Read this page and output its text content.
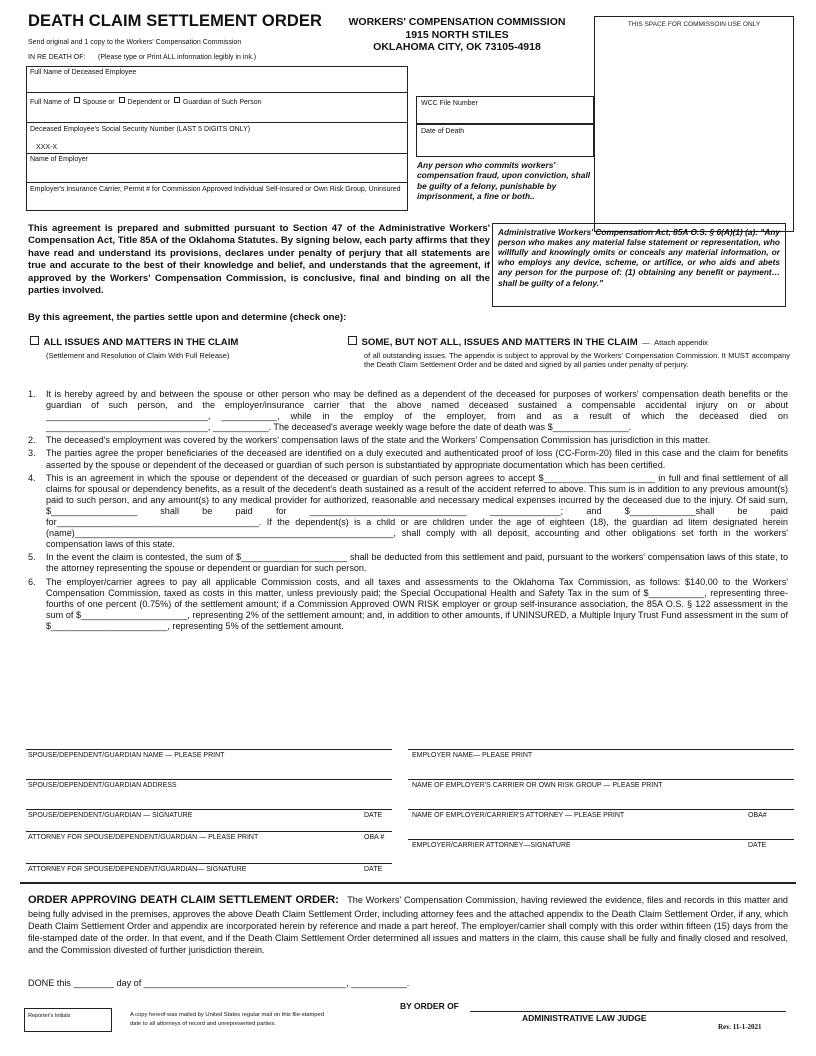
DEATH CLAIM SETTLEMENT ORDER
Send original and 1 copy to the Workers' Compensation Commission
IN RE DEATH OF: (Please type or Print ALL information legibly in ink.)
WORKERS' COMPENSATION COMMISSION
1915 NORTH STILES
OKLAHOMA CITY, OK 73105-4918
THIS SPACE FOR COMMISSOIN USE ONLY
Full Name of Deceased Employee
Full Name of Spouse or Dependent or Guardian of Such Person
Deceased Employee's Social Security Number (LAST 5 DIGITS ONLY)
XXX-X
Name of Employer
Employer's Insurance Carrier, Permit # for Commission Approved Individual Self-Insured or Own Risk Group, Uninsured
WCC File Number
Date of Death
Any person who commits workers' compensation fraud, upon conviction, shall be guilty of a felony, punishable by imprisonment, a fine or both..
This agreement is prepared and submitted pursuant to Section 47 of the Administrative Workers' Compensation Act, Title 85A of the Oklahoma Statutes. By signing below, each party affirms that they have read and understand its provisions, declares under penalty of perjury that all statements are true and accurate to the best of their knowledge and belief, and understands that the agreement, if approved by the Workers' Compensation Commission, is conclusive, final and binding on all the parties involved.
Administrative Workers' Compensation Act, 85A O.S. § 6(A)(1) (a): "Any person who makes any material false statement or representation, who willfully and knowingly omits or conceals any material information, or who employs any device, scheme, or artifice, or who aids and abets any person for the purpose of: (1) obtaining any benefit or payment…shall be guilty of a felony."
By this agreement, the parties settle upon and determine (check one):
ALL ISSUES AND MATTERS IN THE CLAIM
(Settlement and Resolution of Claim With Full Release)
SOME, BUT NOT ALL, ISSUES AND MATTERS IN THE CLAIM — Attach appendix
of all outstanding issues. The appendix is subject to approval by the Workers' Compensation Commission. It MUST accompany the Death Claim Settlement Order and be dated and signed by all parties under penalty of perjury.
1.	It is hereby agreed by and between the spouse or other person who may be defined as a dependent of the deceased for purposes of workers' compensation death benefits or the guardian of such person, and the employer/insurance carrier that the above named deceased sustained a compensable accidental injury on or about ________________________________, ___________, while in the employ of the employer, from and as a result of which the deceased died on ________________________________, ___________. The deceased's average weekly wage before the date of death was $_______________.
2.	The deceased's employment was covered by the workers' compensation laws of the state and the Workers' Compensation Commission has jurisdiction in this matter.
3.	The parties agree the proper beneficiaries of the deceased are identified on a duly executed and authenticated proof of loss (CC-Form-20) filed in this case and the claim for benefits asserted by the spouse or dependent of the deceased or guardian of such person is substantiated by appropriate documentation which has been certified.
4.	This is an agreement in which the spouse or dependent of the deceased or guardian of such person agrees to accept $______________________ in full and final settlement of all claims for spousal or dependency benefits, as a result of the decedent's death sustained as a result of the accident referred to above. This sum is in addition to any previous amount(s) paid to such person, and any amount(s) to any medical provider for authorized, reasonable and necessary medical expenses incurred by the deceased due to the injury. Of said sum, $_________________ shall be paid for _______________________________ ______________; and $_____________shall be paid for________________________________________. If the dependent(s) is a child or are children under the age of eighteen (18), the guardian ad litem designated herein (name)_______________________________________________________________, shall comply with all deposit, accounting and other obligations set forth in the workers' compensation laws of this state.
5.	In the event the claim is contested, the sum of $_____________________ shall be deducted from this settlement and paid, pursuant to the workers' compensation laws of this state, to the attorney representing the spouse or dependent or guardian for such person.
6.	The employer/carrier agrees to pay all applicable Commission costs, and all taxes and assessments to the Oklahoma Tax Commission, as follows: $140.00 to the Workers' Compensation Commission, taxed as costs in this matter, unless previously paid; the Special Occupational Health and Safety Tax in the sum of $___________, representing three-fourths of one percent (0.75%) of the settlement amount; if a Commission Approved OWN RISK employer or group self-insurance association, the 85A O.S. § 122 assessment in the sum of $_____________________, representing 2% of the settlement amount; and, in addition to other amounts, if UNINSURED, a Multiple Injury Trust Fund assessment in the sum of $_______________________, representing 5% of the settlement amount.
SPOUSE/DEPENDENT/GUARDIAN NAME — PLEASE PRINT
SPOUSE/DEPENDENT/GUARDIAN ADDRESS
SPOUSE/DEPENDENT/GUARDIAN — SIGNATURE	DATE
ATTORNEY FOR SPOUSE/DEPENDENT/GUARDIAN — PLEASE PRINT	OBA #
ATTORNEY FOR SPOUSE/DEPENDENT/GUARDIAN— SIGNATURE	DATE
EMPLOYER NAME— PLEASE PRINT
NAME OF EMPLOYER'S CARRIER OR OWN RISK GROUP — PLEASE PRINT
NAME OF EMPLOYER/CARRIER'S ATTORNEY — PLEASE PRINT	OBA#
EMPLOYER/CARRIER ATTORNEY—SIGNATURE	DATE
ORDER APPROVING DEATH CLAIM SETTLEMENT ORDER: The Workers' Compensation Commission, having reviewed the evidence, files and records in this matter and being fully advised in the premises, approves the above Death Claim Settlement Order, including attorney fees and the attached appendix to the Death Claim Settlement Order, if any, which Death Claim Settlement Order and appendix are incorporated herein by reference and made a part hereof. The employer/carrier shall comply with this order within fifteen (15) days from the file-stamped date of the order. In that event, and if the Death Claim Settlement Order determined all issues and matters in the claim, this cause shall be fully and finally closed and resolved, and the Commission divested of further jurisdiction therein.
DONE this ________ day of ________________________________________, ___________.
BY ORDER OF
ADMINISTRATIVE LAW JUDGE
Reporter's Initials	A copy hereof was mailed by United States regular mail on this file-stamped
date to all attorneys of record and unrepresented parties.	Rev. 11-1-2021
